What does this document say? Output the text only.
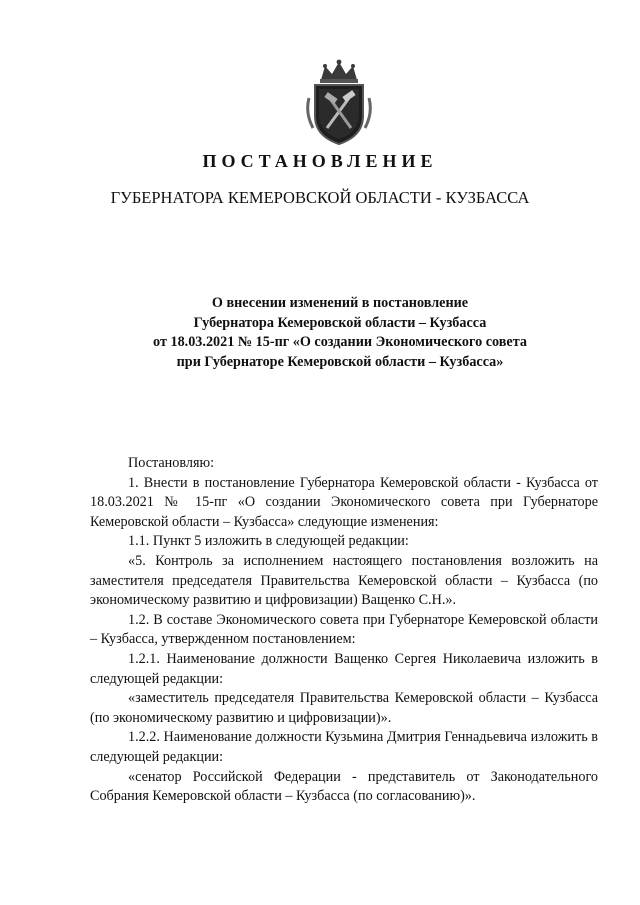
ПОСТАНОВЛЕНИЕ
ГУБЕРНАТОРА КЕМЕРОВСКОЙ ОБЛАСТИ - КУЗБАССА
О внесении изменений в постановление
Губернатора Кемеровской области – Кузбасса
от 18.03.2021 № 15-пг «О создании Экономического совета
при Губернаторе Кемеровской области – Кузбасса»

Постановляю:

1. Внести в постановление Губернатора Кемеровской области - Кузбасса от 18.03.2021 № 15-пг «О создании Экономического совета при Губернаторе Кемеровской области – Кузбасса» следующие изменения:

1.1. Пункт 5 изложить в следующей редакции:

«5. Контроль за исполнением настоящего постановления возложить на заместителя председателя Правительства Кемеровской области – Кузбасса (по экономическому развитию и цифровизации) Ващенко С.Н.».

1.2. В составе Экономического совета при Губернаторе Кемеровской области – Кузбасса, утвержденном постановлением:

1.2.1. Наименование должности Ващенко Сергея Николаевича изложить в следующей редакции:

«заместитель председателя Правительства Кемеровской области – Кузбасса (по экономическому развитию и цифровизации)».

1.2.2. Наименование должности Кузьмина Дмитрия Геннадьевича изложить в следующей редакции:

«сенатор Российской Федерации - представитель от Законодательного Собрания Кемеровской области – Кузбасса (по согласованию)».
